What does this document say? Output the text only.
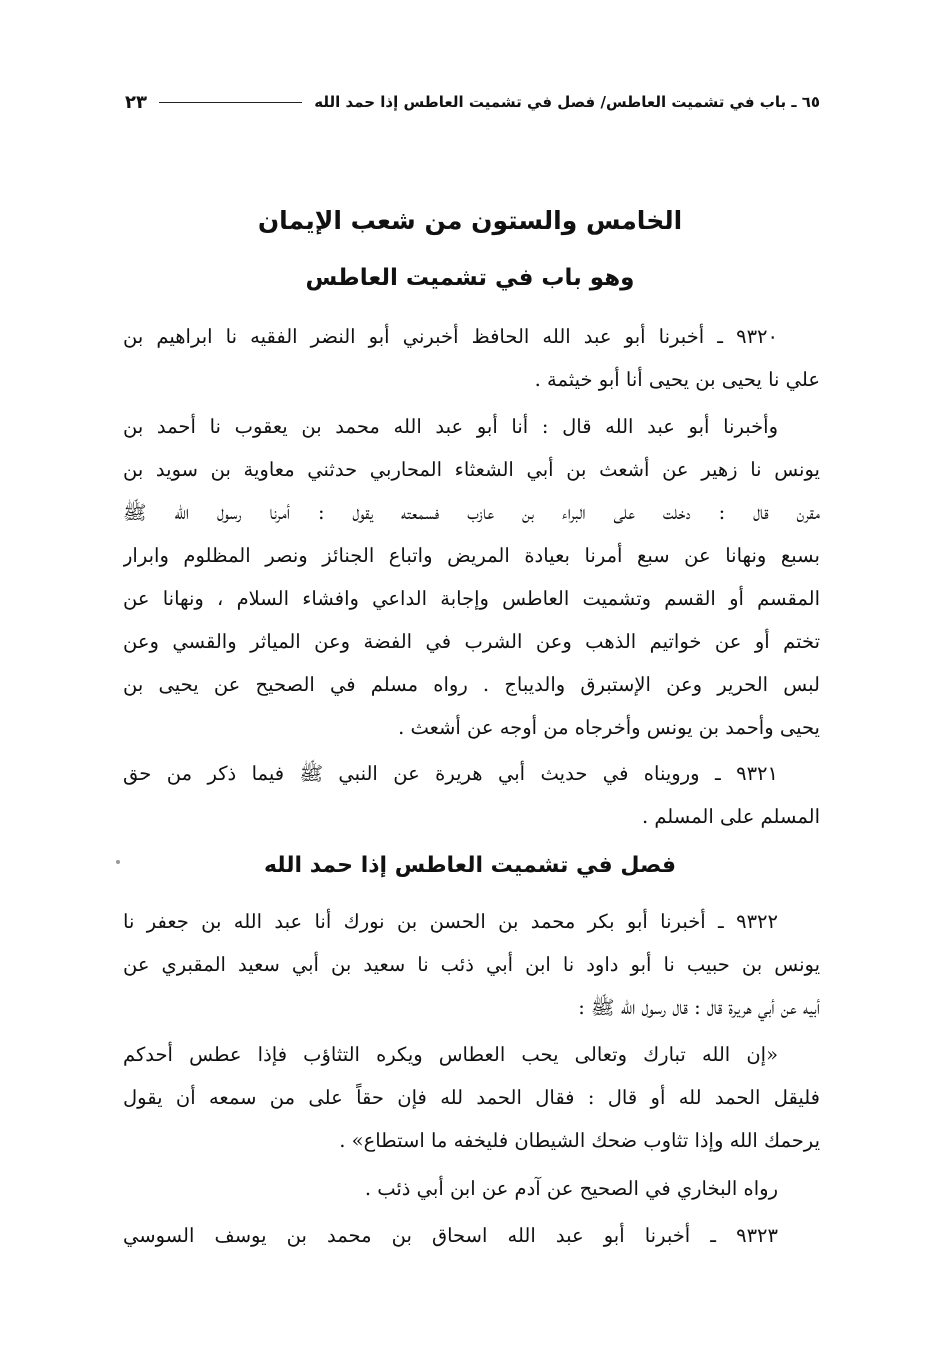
٦٥ ـ باب في تشميت العاطس/ فصل في تشميت العاطس إذا حمد الله
٢٣
الخامس والستون من شعب الإيمان
وهو باب في تشميت العاطس
٩٣٢٠ ـ أخبرنا أبو عبد الله الحافظ أخبرني أبو النضر الفقيه نا ابراهيم بن
علي نا يحيى بن يحيى أنا أبو خيثمة .
وأخبرنا أبو عبد الله قال : أنا أبو عبد الله محمد بن يعقوب نا أحمد بن
يونس نا زهير عن أشعث بن أبي الشعثاء المحاربي حدثني معاوية بن سويد بن
مقرن قال : دخلت على البراء بن عازب فسمعته يقول : أمرنا رسول الله ﷺ
بسبع ونهانا عن سبع أمرنا بعيادة المريض واتباع الجنائز ونصر المظلوم وابرار
المقسم أو القسم وتشميت العاطس وإجابة الداعي وافشاء السلام ، ونهانا عن
تختم أو عن خواتيم الذهب وعن الشرب في الفضة وعن المياثر والقسي وعن
لبس الحرير وعن الإستبرق والديباج . رواه مسلم في الصحيح عن يحيى بن
يحيى وأحمد بن يونس وأخرجاه من أوجه عن أشعث .
٩٣٢١ ـ ورويناه في حديث أبي هريرة عن النبي ﷺ فيما ذكر من حق
المسلم على المسلم .
فصل في تشميت العاطس إذا حمد الله
٩٣٢٢ ـ أخبرنا أبو بكر محمد بن الحسن بن نورك أنا عبد الله بن جعفر نا
يونس بن حبيب نا أبو داود نا ابن أبي ذئب نا سعيد بن أبي سعيد المقبري عن
أبيه عن أبي هريرة قال : قال رسول الله ﷺ :
«إن الله تبارك وتعالى يحب العطاس ويكره التثاؤب فإذا عطس أحدكم
فليقل الحمد لله أو قال : فقال الحمد لله فإن حقاً على من سمعه أن يقول
يرحمك الله وإذا تثاوب ضحك الشيطان فليخفه ما استطاع» .
رواه البخاري في الصحيح عن آدم عن ابن أبي ذئب .
٩٣٢٣ ـ أخبرنا أبو عبد الله اسحاق بن محمد بن يوسف السوسي
